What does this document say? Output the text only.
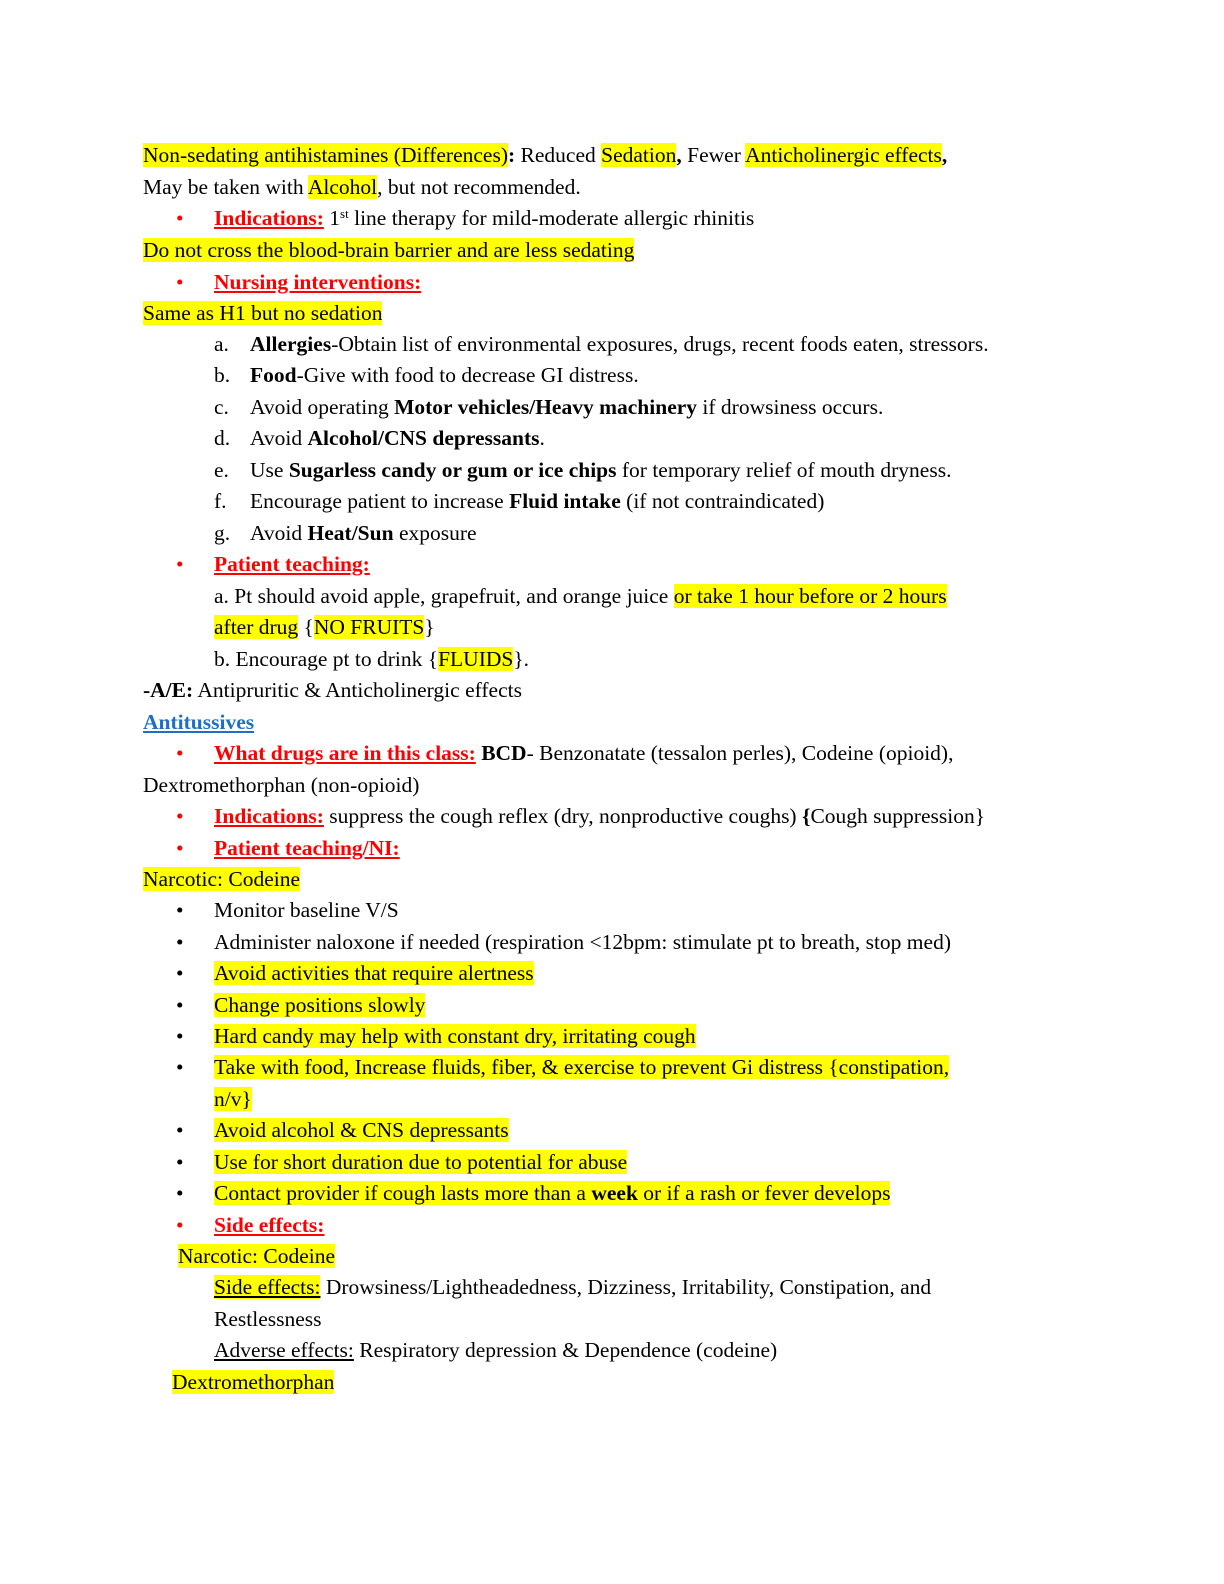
Non-sedating antihistamines (Differences): Reduced Sedation, Fewer Anticholinergic effects,
May be taken with Alcohol, but not recommended.
• Indications: 1st line therapy for mild-moderate allergic rhinitis
Do not cross the blood-brain barrier and are less sedating
• Nursing interventions:
Same as H1 but no sedation
a. Allergies-Obtain list of environmental exposures, drugs, recent foods eaten, stressors.
b. Food-Give with food to decrease GI distress.
c. Avoid operating Motor vehicles/Heavy machinery if drowsiness occurs.
d. Avoid Alcohol/CNS depressants.
e. Use Sugarless candy or gum or ice chips for temporary relief of mouth dryness.
f. Encourage patient to increase Fluid intake (if not contraindicated)
g. Avoid Heat/Sun exposure
• Patient teaching:
a. Pt should avoid apple, grapefruit, and orange juice or take 1 hour before or 2 hours
after drug {NO FRUITS}
b. Encourage pt to drink {FLUIDS}.
-A/E: Antipruritic & Anticholinergic effects
Antitussives
• What drugs are in this class: BCD- Benzonatate (tessalon perles), Codeine (opioid),
Dextromethorphan (non-opioid)
• Indications: suppress the cough reflex (dry, nonproductive coughs) {Cough suppression}
• Patient teaching/NI:
Narcotic: Codeine
• Monitor baseline V/S
• Administer naloxone if needed (respiration <12bpm: stimulate pt to breath, stop med)
• Avoid activities that require alertness
• Change positions slowly
• Hard candy may help with constant dry, irritating cough
• Take with food, Increase fluids, fiber, & exercise to prevent Gi distress {constipation,
n/v}
• Avoid alcohol & CNS depressants
• Use for short duration due to potential for abuse
• Contact provider if cough lasts more than a week or if a rash or fever develops
• Side effects:
Narcotic: Codeine
Side effects: Drowsiness/Lightheadedness, Dizziness, Irritability, Constipation, and
Restlessness
Adverse effects: Respiratory depression & Dependence (codeine)
Dextromethorphan
